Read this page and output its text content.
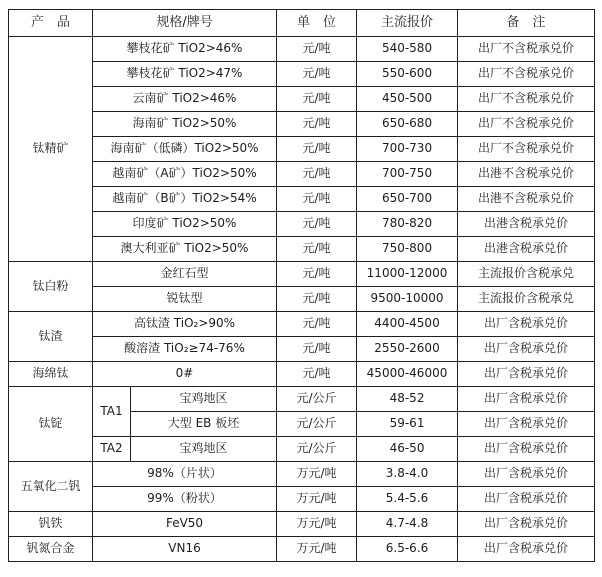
产　品	规格/牌号		单　位	主流报价	备　注
钛精矿	攀枝花矿 TiO2>46%		元/吨	540-580	出厂不含税承兑价
	攀枝花矿 TiO2>47%		元/吨	550-600	出厂不含税承兑价
	云南矿 TiO2>46%		元/吨	450-500	出厂不含税承兑价
	海南矿 TiO2>50%		元/吨	650-680	出厂不含税承兑价
	海南矿（低磷）TiO2>50%		元/吨	700-730	出厂不含税承兑价
	越南矿（A矿）TiO2>50%		元/吨	700-750	出港不含税承兑价
	越南矿（B矿）TiO2>54%		元/吨	650-700	出港不含税承兑价
	印度矿 TiO2>50%		元/吨	780-820	出港含税承兑价
	澳大利亚矿 TiO2>50%		元/吨	750-800	出港含税承兑价
钛白粉	金红石型		元/吨	11000-12000	主流报价含税承兑
	锐钛型		元/吨	9500-10000	主流报价含税承兑
钛渣	高钛渣 TiO₂>90%		元/吨	4400-4500	出厂含税承兑价
	酸溶渣 TiO₂≥74-76%		元/吨	2550-2600	出厂含税承兑价
海绵钛	0#		元/吨	45000-46000	出厂含税承兑价
钛锭	TA1	宝鸡地区	元/公斤	48-52	出厂含税承兑价
		大型 EB 板坯	元/公斤	59-61	出厂含税承兑价
	TA2	宝鸡地区	元/公斤	46-50	出厂含税承兑价
五氧化二钒	98%（片状）		万元/吨	3.8-4.0	出厂含税承兑价
	99%（粉状）		万元/吨	5.4-5.6	出厂含税承兑价
钒铁	FeV50		万元/吨	4.7-4.8	出厂含税承兑价
钒氮合金	VN16		万元/吨	6.5-6.6	出厂含税承兑价
